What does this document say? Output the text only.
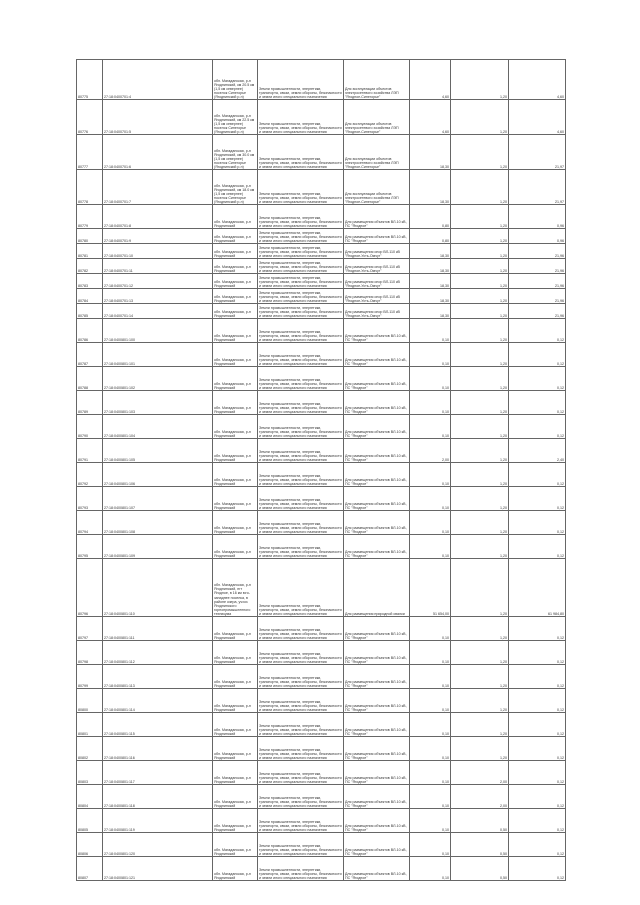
80775	27:18:0400701:4	обл. Магаданская, р-н Ягоднинский, км 20.5 км (1,5 км севернее) поселок Синегорье (Ягоднинский р-н)	Земли промышленности, энергетики, транспорта, связи, земли обороны, безопасности и земли иного специального назначения	Для эксплуатации объектов электросетевого хозяйства ЛЭП "Ягодное-Синегорье"	4,60	1,20	4,60
80776	27:18:0400701:5	обл. Магаданская, р-н Ягоднинский, км 22.5 км (1,5 км севернее) поселок Синегорье (Ягоднинский р-н)	Земли промышленности, энергетики, транспорта, связи, земли обороны, безопасности и земли иного специального назначения	Для эксплуатации объектов электросетевого хозяйства ЛЭП "Ягодное-Синегорье"	4,60	1,20	4,60
80777	27:18:0400701:6	обл. Магаданская, р-н Ягоднинский, км 30.0 км (1,5 км севернее) поселок Синегорье (Ягоднинский р-н)	Земли промышленности, энергетики, транспорта, связи, земли обороны, безопасности и земли иного специального назначения	Для эксплуатации объектов электросетевого хозяйства ЛЭП "Ягодное-Синегорье"	18,30	1,20	21,97
80778	27:18:0400701:7	обл. Магаданская, р-н Ягоднинский, км 18.0 км (1,5 км севернее) поселок Синегорье (Ягоднинский р-н)	Земли промышленности, энергетики, транспорта, связи, земли обороны, безопасности и земли иного специального назначения	Для эксплуатации объектов электросетевого хозяйства ЛЭП "Ягодное-Синегорье"	18,30	1,20	21,97
80779	27:18:0400701:8	обл. Магаданская, р-н Ягоднинский	Земли промышленности, энергетики, транспорта, связи, земли обороны, безопасности и земли иного специального назначения	Для размещения объектов ВЛ-10 кВ, ПС "Ягодное"	0,80	1,20	0,96
80780	27:18:0400701:9	обл. Магаданская, р-н Ягоднинский	Земли промышленности, энергетики, транспорта, связи, земли обороны, безопасности и земли иного специального назначения	Для размещения объектов ВЛ-10 кВ, ПС "Ягодное"	0,80	1,20	0,96
80781	27:18:0400701:10	обл. Магаданская, р-н Ягоднинский	Земли промышленности, энергетики, транспорта, связи, земли обороны, безопасности и земли иного специального назначения	Для размещения опор ВЛ-110 кВ "Ягодное-Усть-Омчуг"	18,30	1,20	21,96
80782	27:18:0400701:11	обл. Магаданская, р-н Ягоднинский	Земли промышленности, энергетики, транспорта, связи, земли обороны, безопасности и земли иного специального назначения	Для размещения опор ВЛ-110 кВ "Ягодное-Усть-Омчуг"	18,30	1,20	21,96
80783	27:18:0400701:12	обл. Магаданская, р-н Ягоднинский	Земли промышленности, энергетики, транспорта, связи, земли обороны, безопасности и земли иного специального назначения	Для размещения опор ВЛ-110 кВ "Ягодное-Усть-Омчуг"	18,30	1,20	21,96
80784	27:18:0400701:13	обл. Магаданская, р-н Ягоднинский	Земли промышленности, энергетики, транспорта, связи, земли обороны, безопасности и земли иного специального назначения	Для размещения опор ВЛ-110 кВ "Ягодное-Усть-Омчуг"	18,30	1,20	21,96
80785	27:18:0400701:14	обл. Магаданская, р-н Ягоднинский	Земли промышленности, энергетики, транспорта, связи, земли обороны, безопасности и земли иного специального назначения	Для размещения опор ВЛ-110 кВ "Ягодное-Усть-Омчуг"	18,30	1,20	21,96
80786	27:18:0400801:100	обл. Магаданская, р-н Ягоднинский	Земли промышленности, энергетики, транспорта, связи, земли обороны, безопасности и земли иного специального назначения	Для размещения объектов ВЛ-10 кВ, ПС "Ягодное"	0,10	1,20	0,12
80787	27:18:0400801:101	обл. Магаданская, р-н Ягоднинский	Земли промышленности, энергетики, транспорта, связи, земли обороны, безопасности и земли иного специального назначения	Для размещения объектов ВЛ-10 кВ, ПС "Ягодное"	0,10	1,20	0,12
80788	27:18:0400801:102	обл. Магаданская, р-н Ягоднинский	Земли промышленности, энергетики, транспорта, связи, земли обороны, безопасности и земли иного специального назначения	Для размещения объектов ВЛ-10 кВ, ПС "Ягодное"	0,10	1,20	0,12
80789	27:18:0400801:103	обл. Магаданская, р-н Ягоднинский	Земли промышленности, энергетики, транспорта, связи, земли обороны, безопасности и земли иного специального назначения	Для размещения объектов ВЛ-10 кВ, ПС "Ягодное"	0,10	1,20	0,12
80790	27:18:0400801:104	обл. Магаданская, р-н Ягоднинский	Земли промышленности, энергетики, транспорта, связи, земли обороны, безопасности и земли иного специального назначения	Для размещения объектов ВЛ-10 кВ, ПС "Ягодное"	0,10	1,20	0,12
80791	27:18:0400801:105	обл. Магаданская, р-н Ягоднинский	Земли промышленности, энергетики, транспорта, связи, земли обороны, безопасности и земли иного специального назначения	Для размещения объектов ВЛ-10 кВ, ПС "Ягодное"	2,00	1,20	2,40
80792	27:18:0400801:106	обл. Магаданская, р-н Ягоднинский	Земли промышленности, энергетики, транспорта, связи, земли обороны, безопасности и земли иного специального назначения	Для размещения объектов ВЛ-10 кВ, ПС "Ягодное"	0,10	1,20	0,12
80793	27:18:0400801:107	обл. Магаданская, р-н Ягоднинский	Земли промышленности, энергетики, транспорта, связи, земли обороны, безопасности и земли иного специального назначения	Для размещения объектов ВЛ-10 кВ, ПС "Ягодное"	0,10	1,20	0,12
80794	27:18:0400801:108	обл. Магаданская, р-н Ягоднинский	Земли промышленности, энергетики, транспорта, связи, земли обороны, безопасности и земли иного специального назначения	Для размещения объектов ВЛ-10 кВ, ПС "Ягодное"	0,10	1,20	0,12
80795	27:18:0400801:109	обл. Магаданская, р-н Ягоднинский	Земли промышленности, энергетики, транспорта, связи, земли обороны, безопасности и земли иного специального назначения	Для размещения объектов ВЛ-10 кВ, ПС "Ягодное"	0,10	1,20	0,12
80796	27:18:0400801:110	обл. Магаданская, р-н Ягоднинский, пгт Ягодное, в 16 км юго-западнее поселка, в районе озера, учхоз Ягоднинского горнопромышленного техникума	Земли промышленности, энергетики, транспорта, связи, земли обороны, безопасности и земли иного специального назначения	Для размещения природной свалки	51 654,00	1,20	61 984,80
80797	27:18:0400801:111	обл. Магаданская, р-н Ягоднинский	Земли промышленности, энергетики, транспорта, связи, земли обороны, безопасности и земли иного специального назначения	Для размещения объектов ВЛ-10 кВ, ПС "Ягодное"	0,10	1,20	0,12
80798	27:18:0400801:112	обл. Магаданская, р-н Ягоднинский	Земли промышленности, энергетики, транспорта, связи, земли обороны, безопасности и земли иного специального назначения	Для размещения объектов ВЛ-10 кВ, ПС "Ягодное"	0,10	1,20	0,12
80799	27:18:0400801:113	обл. Магаданская, р-н Ягоднинский	Земли промышленности, энергетики, транспорта, связи, земли обороны, безопасности и земли иного специального назначения	Для размещения объектов ВЛ-10 кВ, ПС "Ягодное"	0,10	1,20	0,12
80800	27:18:0400801:114	обл. Магаданская, р-н Ягоднинский	Земли промышленности, энергетики, транспорта, связи, земли обороны, безопасности и земли иного специального назначения	Для размещения объектов ВЛ-10 кВ, ПС "Ягодное"	0,10	1,20	0,12
80801	27:18:0400801:115	обл. Магаданская, р-н Ягоднинский	Земли промышленности, энергетики, транспорта, связи, земли обороны, безопасности и земли иного специального назначения	Для размещения объектов ВЛ-10 кВ, ПС "Ягодное"	0,10	1,20	0,12
80802	27:18:0400801:116	обл. Магаданская, р-н Ягоднинский	Земли промышленности, энергетики, транспорта, связи, земли обороны, безопасности и земли иного специального назначения	Для размещения объектов ВЛ-10 кВ, ПС "Ягодное"	0,10	1,20	0,12
80803	27:18:0400801:117	обл. Магаданская, р-н Ягоднинский	Земли промышленности, энергетики, транспорта, связи, земли обороны, безопасности и земли иного специального назначения	Для размещения объектов ВЛ-10 кВ, ПС "Ягодное"	0,10	2,00	0,12
80804	27:18:0400801:118	обл. Магаданская, р-н Ягоднинский	Земли промышленности, энергетики, транспорта, связи, земли обороны, безопасности и земли иного специального назначения	Для размещения объектов ВЛ-10 кВ, ПС "Ягодное"	0,10	2,00	0,12
80805	27:18:0400801:119	обл. Магаданская, р-н Ягоднинский	Земли промышленности, энергетики, транспорта, связи, земли обороны, безопасности и земли иного специального назначения	Для размещения объектов ВЛ-10 кВ, ПС "Ягодное"	0,10	0,50	0,12
80806	27:18:0400801:120	обл. Магаданская, р-н Ягоднинский	Земли промышленности, энергетики, транспорта, связи, земли обороны, безопасности и земли иного специального назначения	Для размещения объектов ВЛ-10 кВ, ПС "Ягодное"	0,10	0,50	0,12
80807	27:18:0400801:121	обл. Магаданская, р-н Ягоднинский	Земли промышленности, энергетики, транспорта, связи, земли обороны, безопасности и земли иного специального назначения	Для размещения объектов ВЛ-10 кВ, ПС "Ягодное"	0,10	0,50	0,12
